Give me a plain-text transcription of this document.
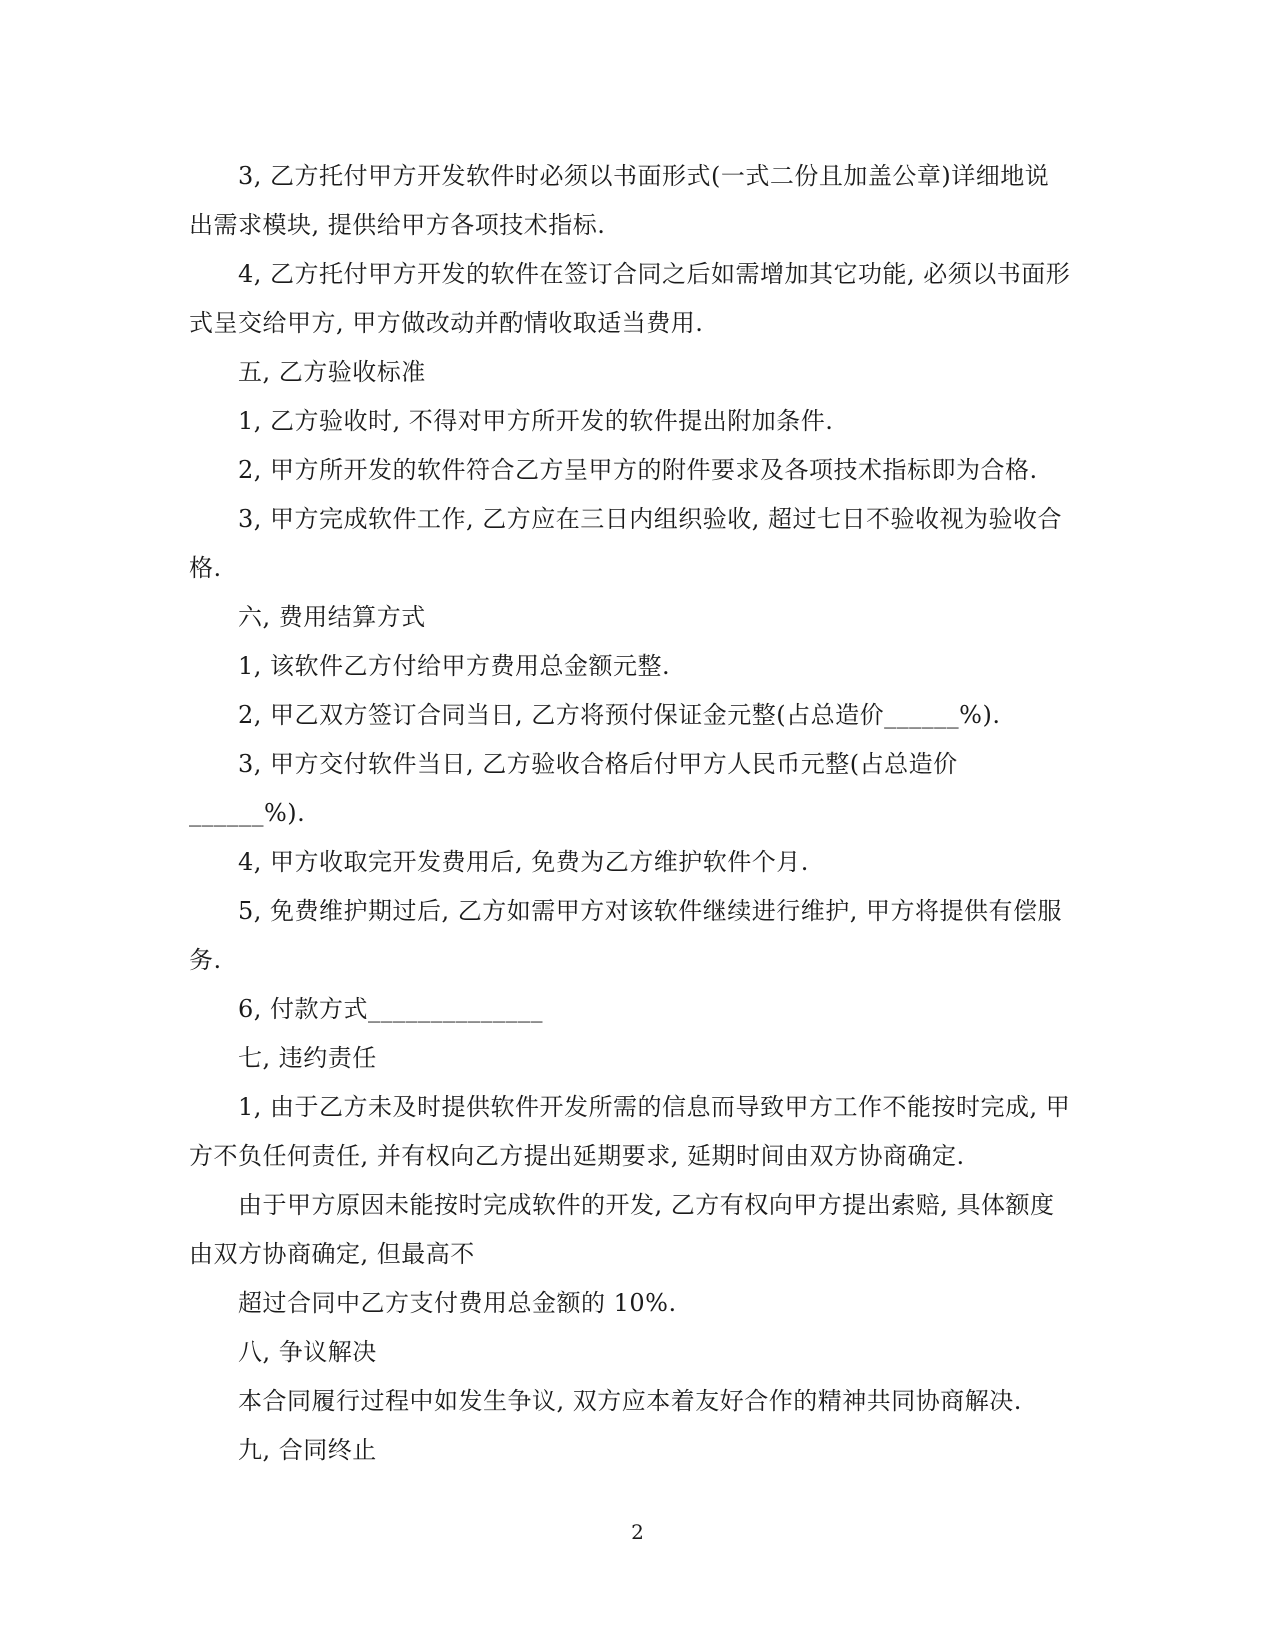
3, 乙方托付甲方开发软件时必须以书面形式(一式二份且加盖公章)详细地说
出需求模块, 提供给甲方各项技术指标.
4, 乙方托付甲方开发的软件在签订合同之后如需增加其它功能, 必须以书面形
式呈交给甲方, 甲方做改动并酌情收取适当费用.
五, 乙方验收标准
1, 乙方验收时, 不得对甲方所开发的软件提出附加条件.
2, 甲方所开发的软件符合乙方呈甲方的附件要求及各项技术指标即为合格.
3, 甲方完成软件工作, 乙方应在三日内组织验收, 超过七日不验收视为验收合
格.
六, 费用结算方式
1, 该软件乙方付给甲方费用总金额元整.
2, 甲乙双方签订合同当日, 乙方将预付保证金元整(占总造价______%).
3, 甲方交付软件当日, 乙方验收合格后付甲方人民币元整(占总造价
______%).
4, 甲方收取完开发费用后, 免费为乙方维护软件个月.
5, 免费维护期过后, 乙方如需甲方对该软件继续进行维护, 甲方将提供有偿服
务.
6, 付款方式______________
七, 违约责任
1, 由于乙方未及时提供软件开发所需的信息而导致甲方工作不能按时完成, 甲
方不负任何责任, 并有权向乙方提出延期要求, 延期时间由双方协商确定.
由于甲方原因未能按时完成软件的开发, 乙方有权向甲方提出索赔, 具体额度
由双方协商确定, 但最高不
超过合同中乙方支付费用总金额的 10%.
八, 争议解决
本合同履行过程中如发生争议, 双方应本着友好合作的精神共同协商解决.
九, 合同终止
2
